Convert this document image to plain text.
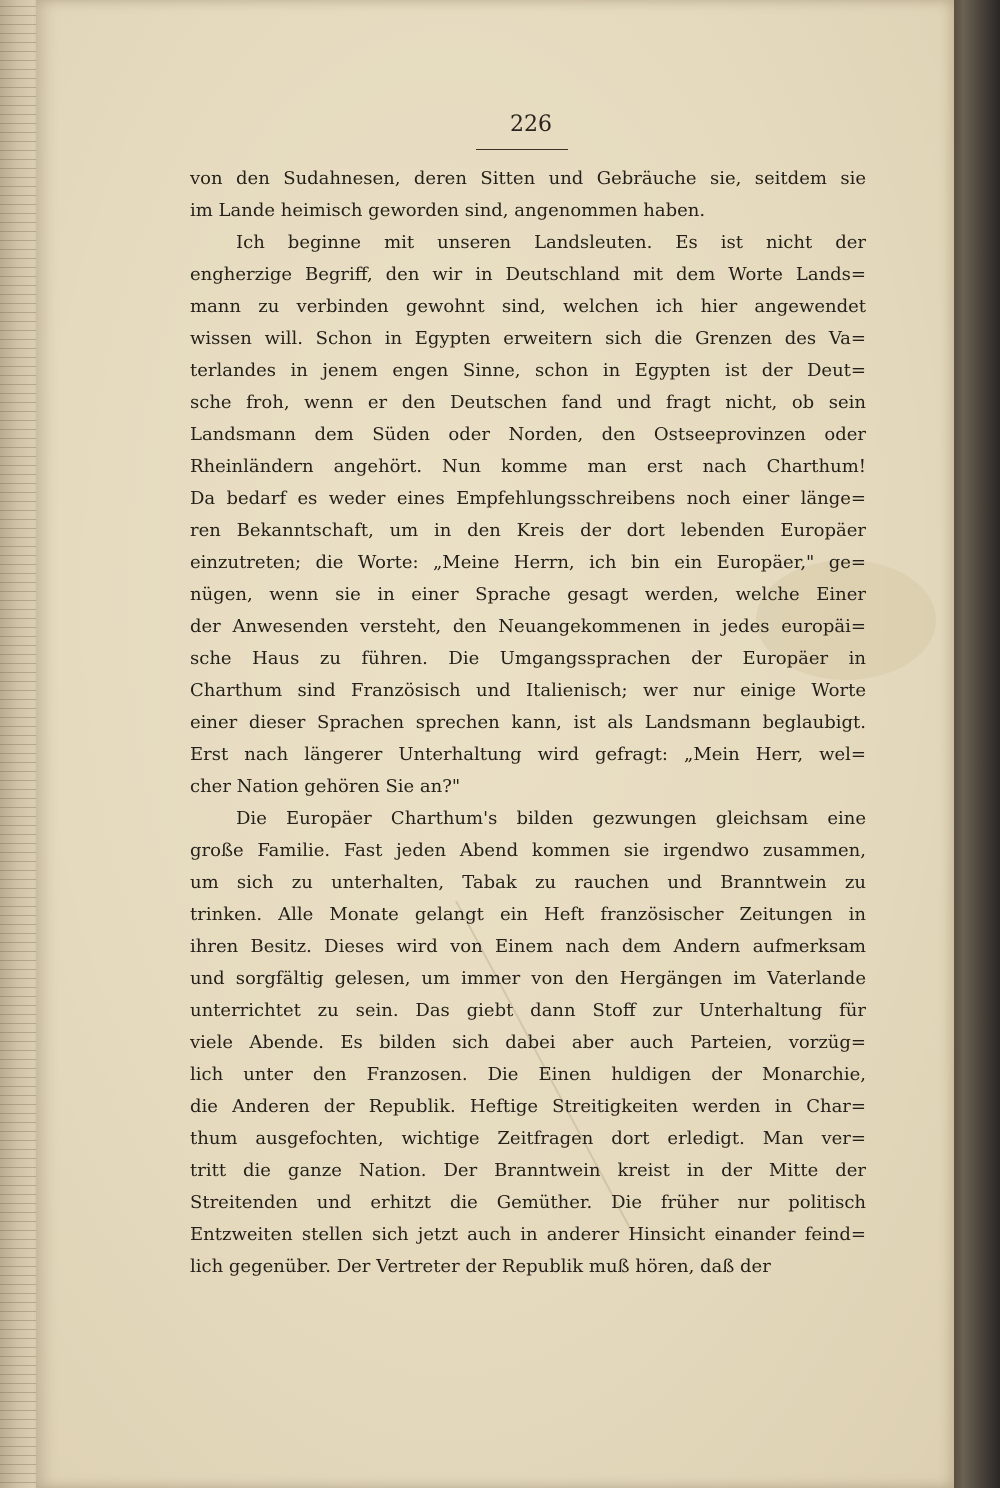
226
von den Sudahnesen, deren Sitten und Gebräuche sie, seitdem sie
im Lande heimisch geworden sind, angenommen haben.
Ich beginne mit unseren Landsleuten. Es ist nicht der
engherzige Begriff, den wir in Deutschland mit dem Worte Lands=
mann zu verbinden gewohnt sind, welchen ich hier angewendet
wissen will. Schon in Egypten erweitern sich die Grenzen des Va=
terlandes in jenem engen Sinne, schon in Egypten ist der Deut=
sche froh, wenn er den Deutschen fand und fragt nicht, ob sein
Landsmann dem Süden oder Norden, den Ostseeprovinzen oder
Rheinländern angehört. Nun komme man erst nach Charthum!
Da bedarf es weder eines Empfehlungsschreibens noch einer länge=
ren Bekanntschaft, um in den Kreis der dort lebenden Europäer
einzutreten; die Worte: „Meine Herrn, ich bin ein Europäer," ge=
nügen, wenn sie in einer Sprache gesagt werden, welche Einer
der Anwesenden versteht, den Neuangekommenen in jedes europäi=
sche Haus zu führen. Die Umgangssprachen der Europäer in
Charthum sind Französisch und Italienisch; wer nur einige Worte
einer dieser Sprachen sprechen kann, ist als Landsmann beglaubigt.
Erst nach längerer Unterhaltung wird gefragt: „Mein Herr, wel=
cher Nation gehören Sie an?"
Die Europäer Charthum's bilden gezwungen gleichsam eine
große Familie. Fast jeden Abend kommen sie irgendwo zusammen,
um sich zu unterhalten, Tabak zu rauchen und Branntwein zu
trinken. Alle Monate gelangt ein Heft französischer Zeitungen in
ihren Besitz. Dieses wird von Einem nach dem Andern aufmerksam
und sorgfältig gelesen, um immer von den Hergängen im Vaterlande
unterrichtet zu sein. Das giebt dann Stoff zur Unterhaltung für
viele Abende. Es bilden sich dabei aber auch Parteien, vorzüg=
lich unter den Franzosen. Die Einen huldigen der Monarchie,
die Anderen der Republik. Heftige Streitigkeiten werden in Char=
thum ausgefochten, wichtige Zeitfragen dort erledigt. Man ver=
tritt die ganze Nation. Der Branntwein kreist in der Mitte der
Streitenden und erhitzt die Gemüther. Die früher nur politisch
Entzweiten stellen sich jetzt auch in anderer Hinsicht einander feind=
lich gegenüber. Der Vertreter der Republik muß hören, daß der
